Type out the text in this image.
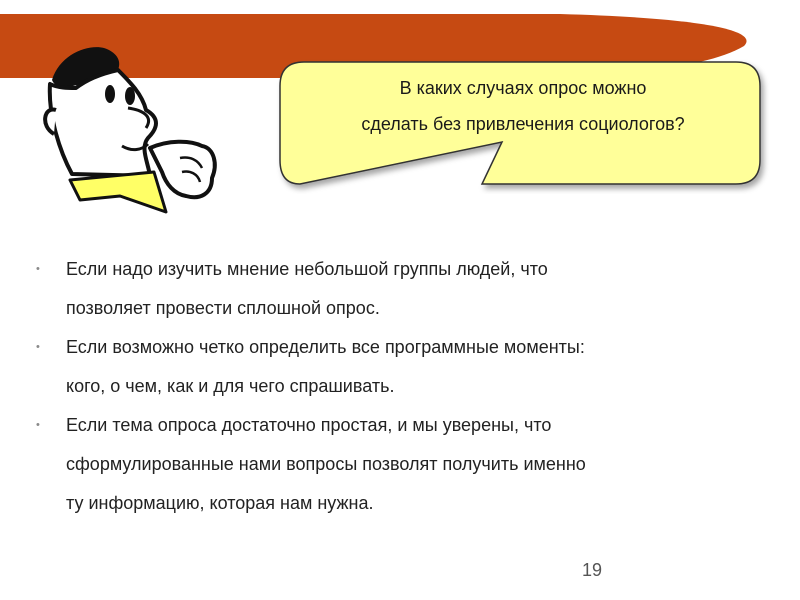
В каких случаях опрос можно
сделать без привлечения социологов?
•	Если надо изучить мнение небольшой группы людей, что
позволяет провести сплошной опрос.
•	Если возможно четко определить все программные моменты:
кого, о чем, как и для чего спрашивать.
•	Если тема опроса достаточно простая, и мы уверены, что
сформулированные нами вопросы позволят получить именно
ту информацию, которая нам нужна.
19
